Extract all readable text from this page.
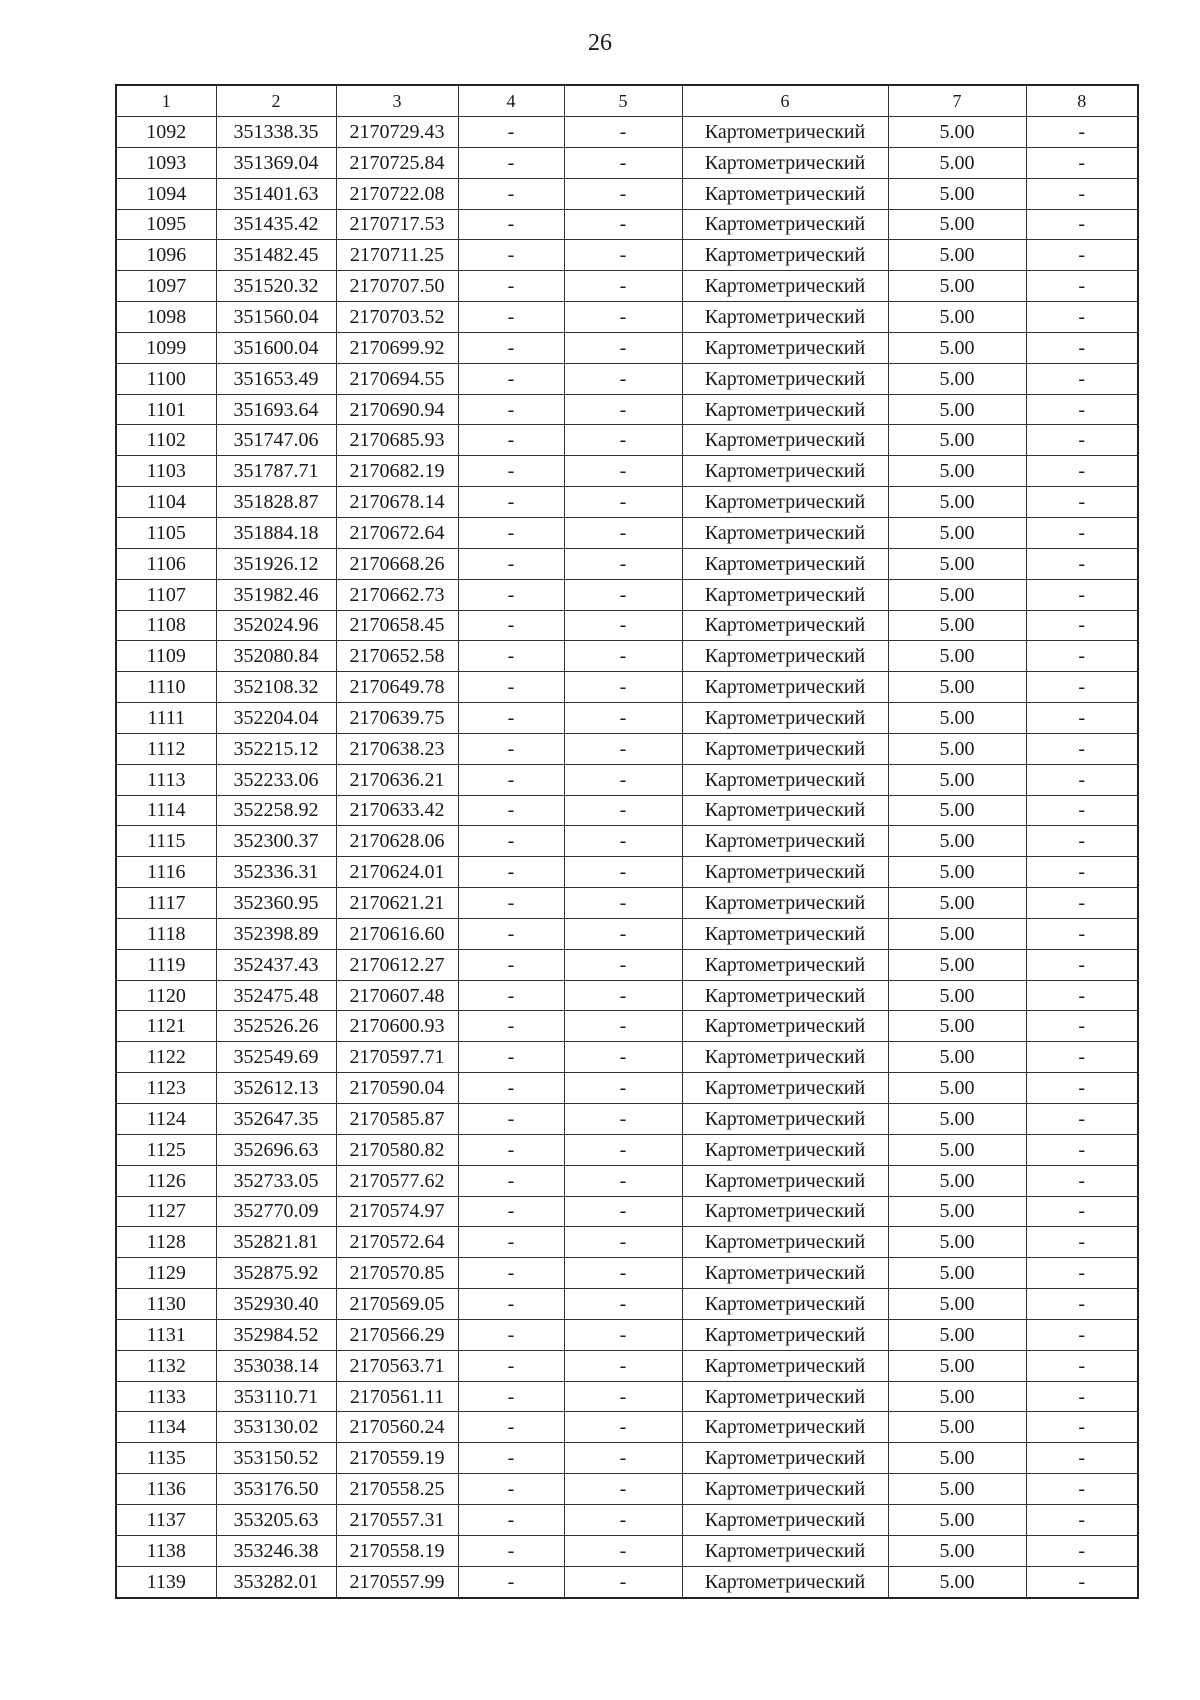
26
1	2	3	4	5	6	7	8
1092	351338.35	2170729.43	-	-	Картометрический	5.00	-
1093	351369.04	2170725.84	-	-	Картометрический	5.00	-
1094	351401.63	2170722.08	-	-	Картометрический	5.00	-
1095	351435.42	2170717.53	-	-	Картометрический	5.00	-
1096	351482.45	2170711.25	-	-	Картометрический	5.00	-
1097	351520.32	2170707.50	-	-	Картометрический	5.00	-
1098	351560.04	2170703.52	-	-	Картометрический	5.00	-
1099	351600.04	2170699.92	-	-	Картометрический	5.00	-
1100	351653.49	2170694.55	-	-	Картометрический	5.00	-
1101	351693.64	2170690.94	-	-	Картометрический	5.00	-
1102	351747.06	2170685.93	-	-	Картометрический	5.00	-
1103	351787.71	2170682.19	-	-	Картометрический	5.00	-
1104	351828.87	2170678.14	-	-	Картометрический	5.00	-
1105	351884.18	2170672.64	-	-	Картометрический	5.00	-
1106	351926.12	2170668.26	-	-	Картометрический	5.00	-
1107	351982.46	2170662.73	-	-	Картометрический	5.00	-
1108	352024.96	2170658.45	-	-	Картометрический	5.00	-
1109	352080.84	2170652.58	-	-	Картометрический	5.00	-
1110	352108.32	2170649.78	-	-	Картометрический	5.00	-
1111	352204.04	2170639.75	-	-	Картометрический	5.00	-
1112	352215.12	2170638.23	-	-	Картометрический	5.00	-
1113	352233.06	2170636.21	-	-	Картометрический	5.00	-
1114	352258.92	2170633.42	-	-	Картометрический	5.00	-
1115	352300.37	2170628.06	-	-	Картометрический	5.00	-
1116	352336.31	2170624.01	-	-	Картометрический	5.00	-
1117	352360.95	2170621.21	-	-	Картометрический	5.00	-
1118	352398.89	2170616.60	-	-	Картометрический	5.00	-
1119	352437.43	2170612.27	-	-	Картометрический	5.00	-
1120	352475.48	2170607.48	-	-	Картометрический	5.00	-
1121	352526.26	2170600.93	-	-	Картометрический	5.00	-
1122	352549.69	2170597.71	-	-	Картометрический	5.00	-
1123	352612.13	2170590.04	-	-	Картометрический	5.00	-
1124	352647.35	2170585.87	-	-	Картометрический	5.00	-
1125	352696.63	2170580.82	-	-	Картометрический	5.00	-
1126	352733.05	2170577.62	-	-	Картометрический	5.00	-
1127	352770.09	2170574.97	-	-	Картометрический	5.00	-
1128	352821.81	2170572.64	-	-	Картометрический	5.00	-
1129	352875.92	2170570.85	-	-	Картометрический	5.00	-
1130	352930.40	2170569.05	-	-	Картометрический	5.00	-
1131	352984.52	2170566.29	-	-	Картометрический	5.00	-
1132	353038.14	2170563.71	-	-	Картометрический	5.00	-
1133	353110.71	2170561.11	-	-	Картометрический	5.00	-
1134	353130.02	2170560.24	-	-	Картометрический	5.00	-
1135	353150.52	2170559.19	-	-	Картометрический	5.00	-
1136	353176.50	2170558.25	-	-	Картометрический	5.00	-
1137	353205.63	2170557.31	-	-	Картометрический	5.00	-
1138	353246.38	2170558.19	-	-	Картометрический	5.00	-
1139	353282.01	2170557.99	-	-	Картометрический	5.00	-
